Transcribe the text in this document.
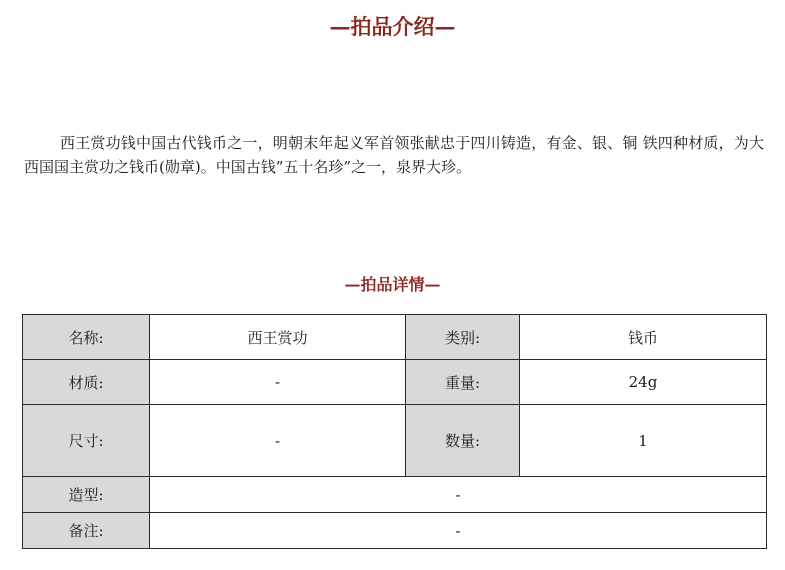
—拍品介绍—

西王赏功钱中国古代钱币之一，明朝末年起义军首领张献忠于四川铸造，有金、银、铜 铁四种材质，为大西国国主赏功之钱币(勋章)。中国古钱”五十名珍”之一，泉界大珍。

—拍品详情—
名称:	西王赏功	类别:	钱币
材质:	-	重量:	24g
尺寸:	-	数量:	1
造型:	-		
备注:	-		
